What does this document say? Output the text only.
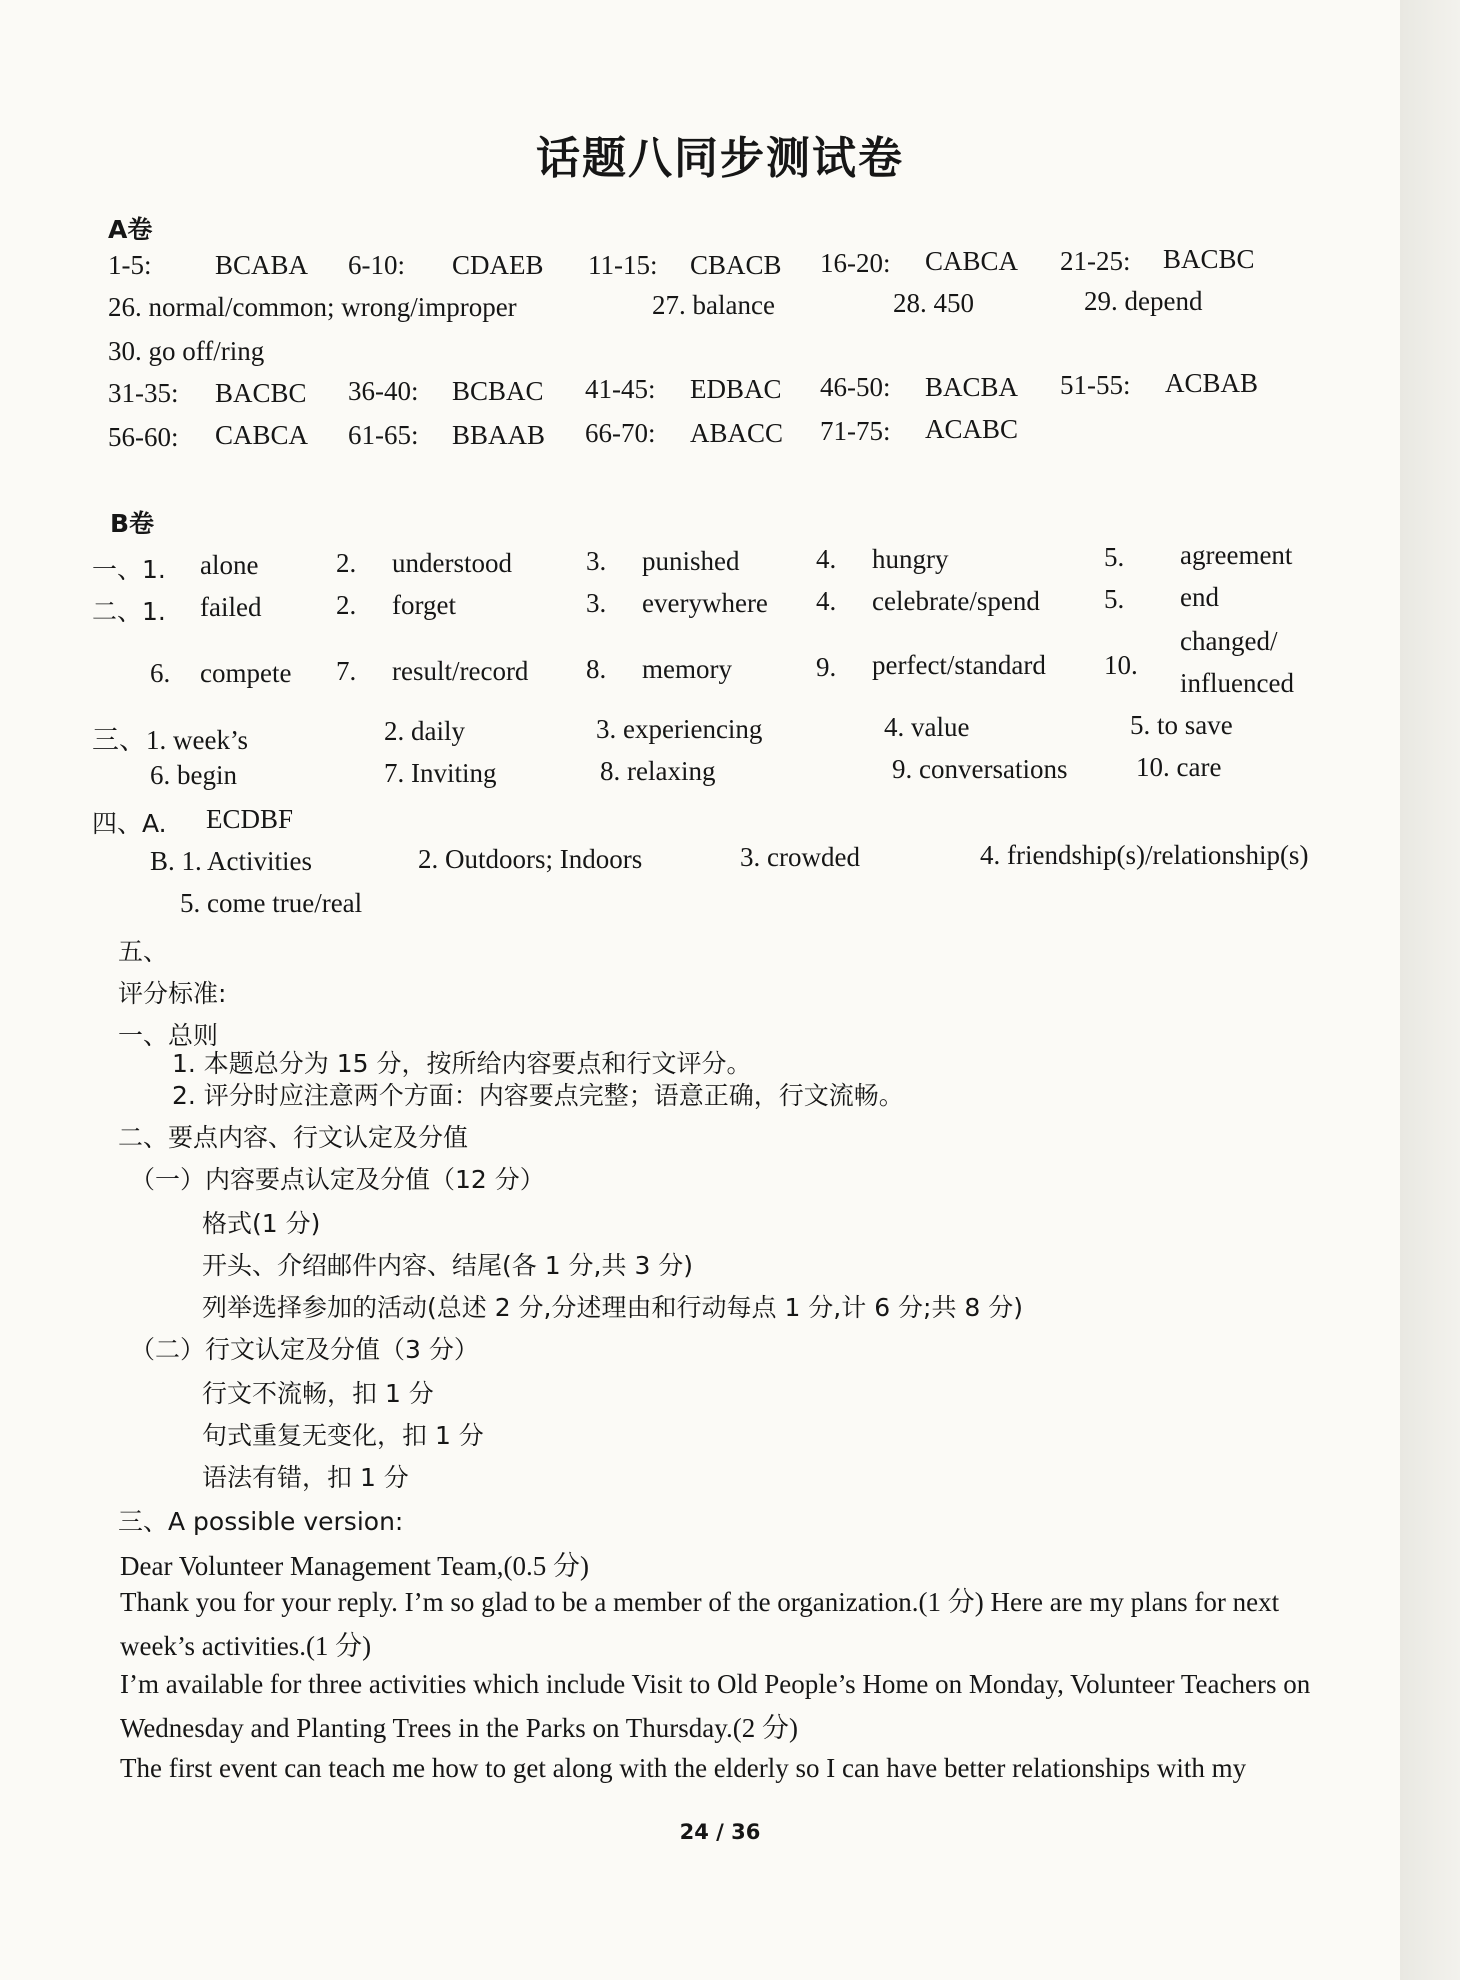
话题八同步测试卷
A卷
1-5: BCABA 6-10: CDAEB 11-15: CBACB 16-20: CABCA 21-25: BACBC
26. normal/common; wrong/improper	27. balance	28. 450	29. depend
30. go off/ring
31-35: BACBC 36-40: BCBAC 41-45: EDBAC 46-50: BACBA 51-55: ACBAB
56-60: CABCA 61-65: BBAAB 66-70: ABACC 71-75: ACABC
B卷
一、1. alone	2. understood	3. punished	4. hungry	5. agreement
二、1. failed	2. forget	3. everywhere 4. celebrate/spend 5. end
6. compete 7. result/record 8. memory	9. perfect/standard 10.
changed/
influenced
三、1. week’s	2. daily	3. experiencing	4. value	5. to save
6. begin	7. Inviting	8. relaxing	9. conversations	10. care
四、A. ECDBF
B. 1. Activities	2. Outdoors; Indoors	3. crowded	4. friendship(s)/relationship(s)
5. come true/real
五、
评分标准:
一、总则
1. 本题总分为 15 分，按所给内容要点和行文评分。
2. 评分时应注意两个方面：内容要点完整；语意正确，行文流畅。
二、要点内容、行文认定及分值
（一）内容要点认定及分值（12 分）
格式(1 分)
开头、介绍邮件内容、结尾(各 1 分,共 3 分)
列举选择参加的活动(总述 2 分,分述理由和行动每点 1 分,计 6 分;共 8 分)
（二）行文认定及分值（3 分）
行文不流畅，扣 1 分
句式重复无变化，扣 1 分
语法有错，扣 1 分
三、A possible version:
Dear Volunteer Management Team,(0.5 分)
Thank you for your reply. I’m so glad to be a member of the organization.(1 分) Here are my plans for next week’s activities.(1 分)
I’m available for three activities which include Visit to Old People’s Home on Monday, Volunteer Teachers on Wednesday and Planting Trees in the Parks on Thursday.(2 分)
The first event can teach me how to get along with the elderly so I can have better relationships with my
24 / 36
